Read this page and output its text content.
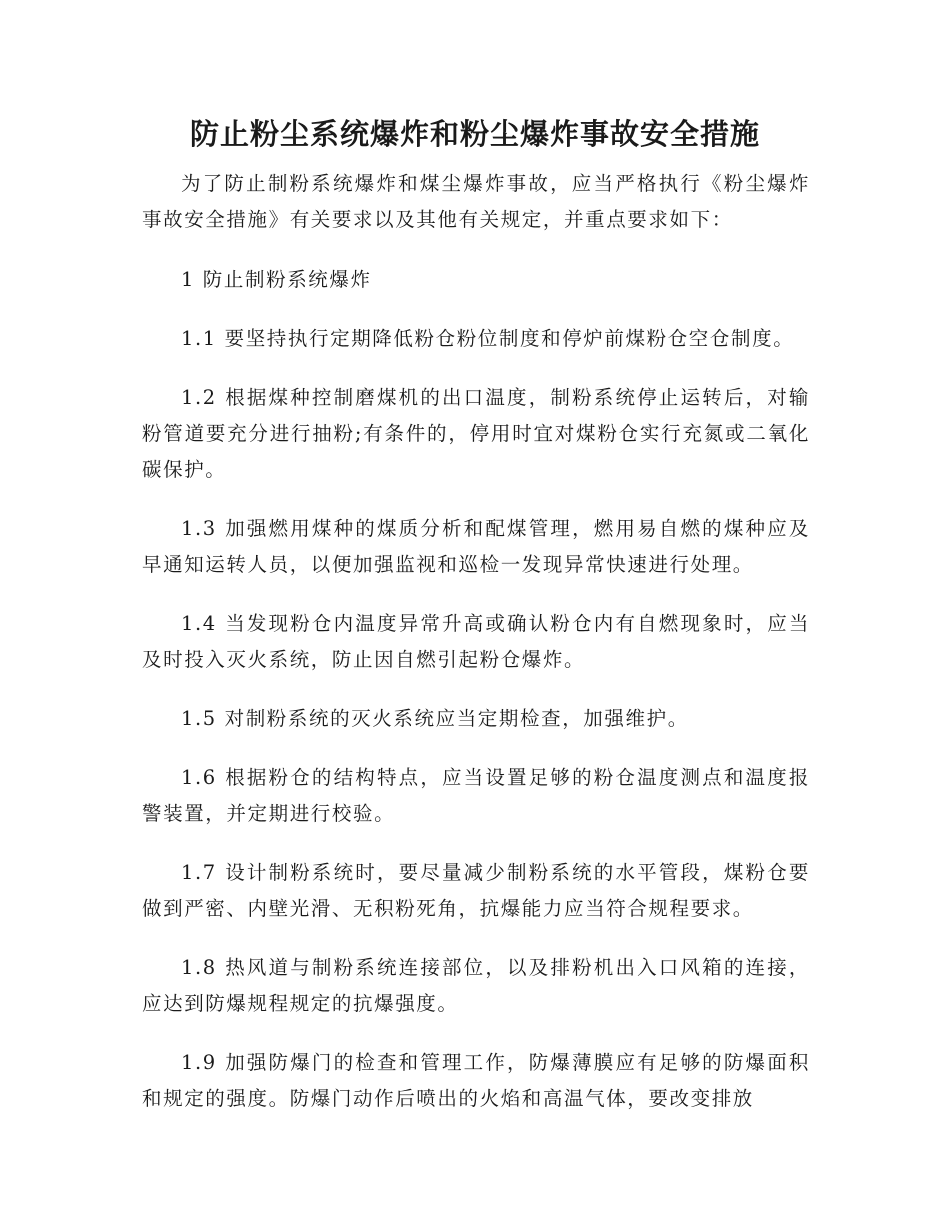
防止粉尘系统爆炸和粉尘爆炸事故安全措施

为了防止制粉系统爆炸和煤尘爆炸事故，应当严格执行《粉尘爆炸事故安全措施》有关要求以及其他有关规定，并重点要求如下：

1 防止制粉系统爆炸

1.1 要坚持执行定期降低粉仓粉位制度和停炉前煤粉仓空仓制度。

1.2 根据煤种控制磨煤机的出口温度，制粉系统停止运转后，对输粉管道要充分进行抽粉;有条件的，停用时宜对煤粉仓实行充氮或二氧化碳保护。

1.3 加强燃用煤种的煤质分析和配煤管理，燃用易自燃的煤种应及早通知运转人员，以便加强监视和巡检一发现异常快速进行处理。

1.4 当发现粉仓内温度异常升高或确认粉仓内有自燃现象时，应当及时投入灭火系统，防止因自燃引起粉仓爆炸。

1.5 对制粉系统的灭火系统应当定期检查，加强维护。

1.6 根据粉仓的结构特点，应当设置足够的粉仓温度测点和温度报警装置，并定期进行校验。

1.7 设计制粉系统时，要尽量减少制粉系统的水平管段，煤粉仓要做到严密、内壁光滑、无积粉死角，抗爆能力应当符合规程要求。

1.8 热风道与制粉系统连接部位，以及排粉机出入口风箱的连接，应达到防爆规程规定的抗爆强度。

1.9 加强防爆门的检查和管理工作，防爆薄膜应有足够的防爆面积和规定的强度。防爆门动作后喷出的火焰和高温气体，要改变排放
